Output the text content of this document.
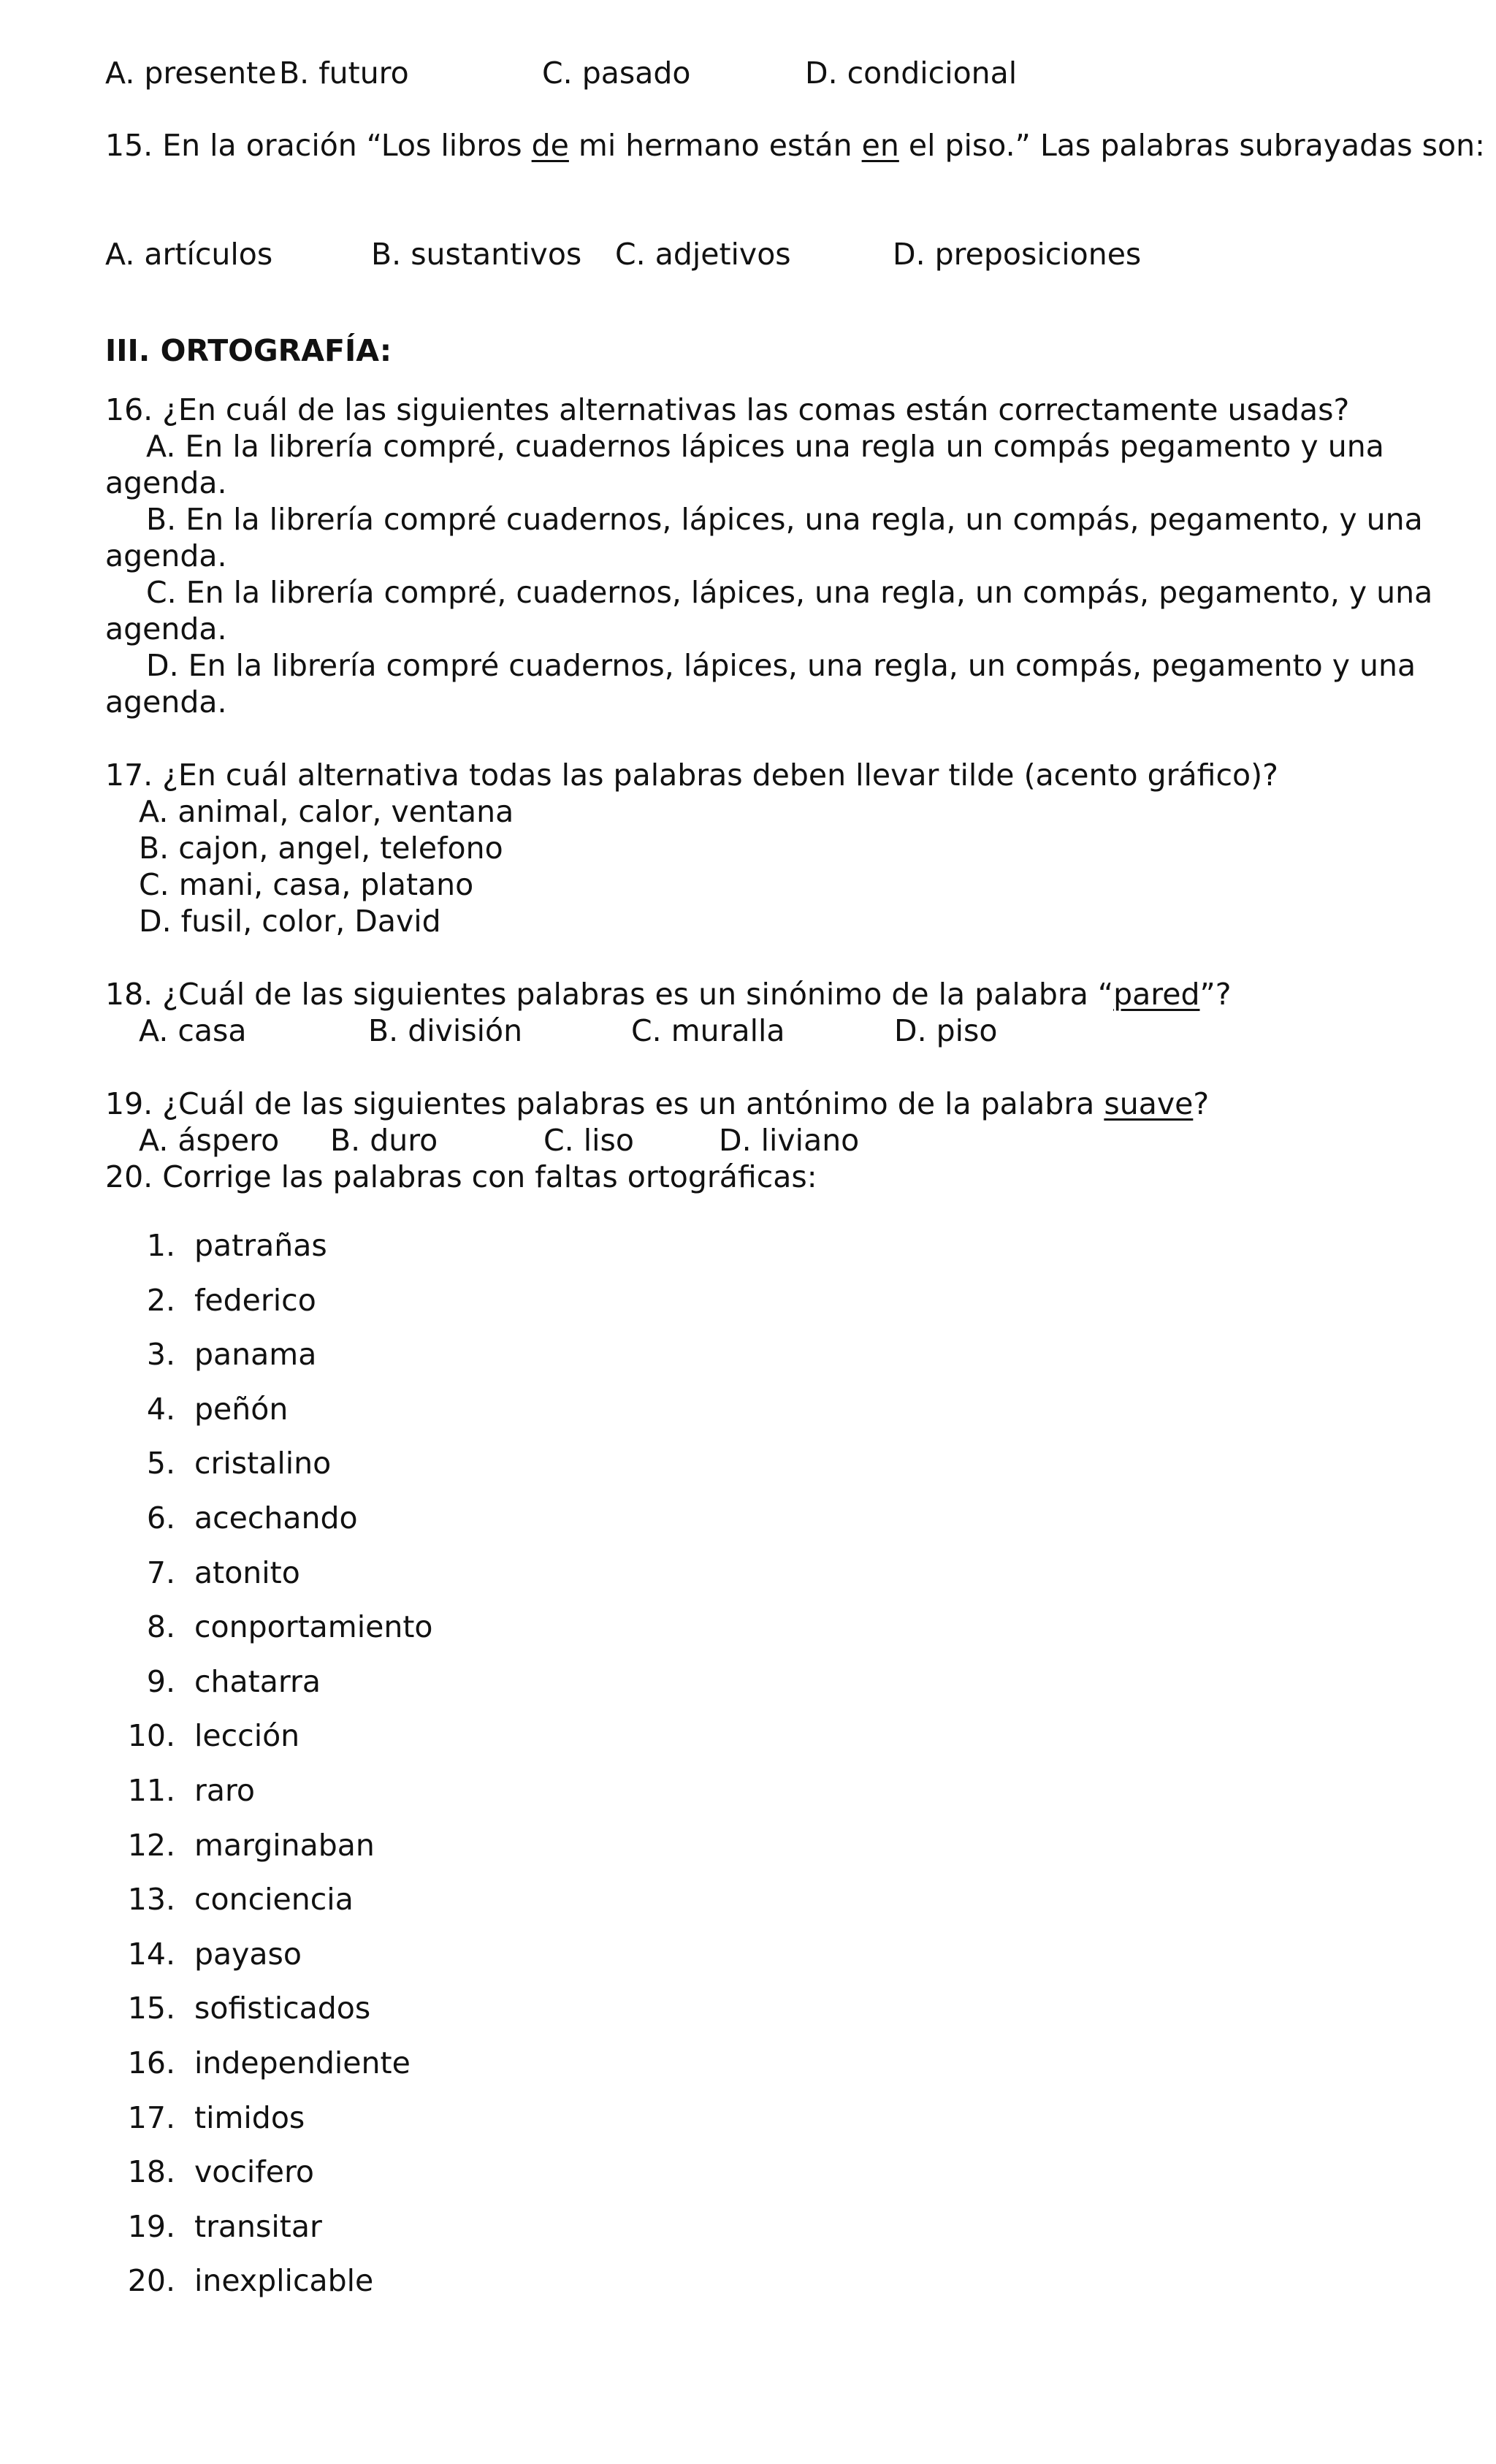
A. presente B. futuro	C. pasado	D. condicional
15. En la oración “Los libros de mi hermano están en el piso.” Las palabras subrayadas son:
A. artículos	B. sustantivos C. adjetivos	D. preposiciones
III. ORTOGRAFÍA:
16. ¿En cuál de las siguientes alternativas las comas están correctamente usadas?
A. En la librería compré, cuadernos lápices una regla un compás pegamento y una
agenda.
B. En la librería compré cuadernos, lápices, una regla, un compás, pegamento, y una
agenda.
C. En la librería compré, cuadernos, lápices, una regla, un compás, pegamento, y una
agenda.
D. En la librería compré cuadernos, lápices, una regla, un compás, pegamento y una
agenda.
17. ¿En cuál alternativa todas las palabras deben llevar tilde (acento gráfico)?
A. animal, calor, ventana
B. cajon, angel, telefono
C. mani, casa, platano
D. fusil, color, David
18. ¿Cuál de las siguientes palabras es un sinónimo de la palabra “pared”?
A. casa	B. división	C. muralla	D. piso
19. ¿Cuál de las siguientes palabras es un antónimo de la palabra suave?
A. áspero B. duro	C. liso	D. liviano
20. Corrige las palabras con faltas ortográficas:
1. patrañas
2. federico
3. panama
4. peñón
5. cristalino
6. acechando
7. atonito
8. conportamiento
9. chatarra
10. lección
11. raro
12. marginaban
13. conciencia
14. payaso
15. sofisticados
16. independiente
17. timidos
18. vocifero
19. transitar
20. inexplicable
